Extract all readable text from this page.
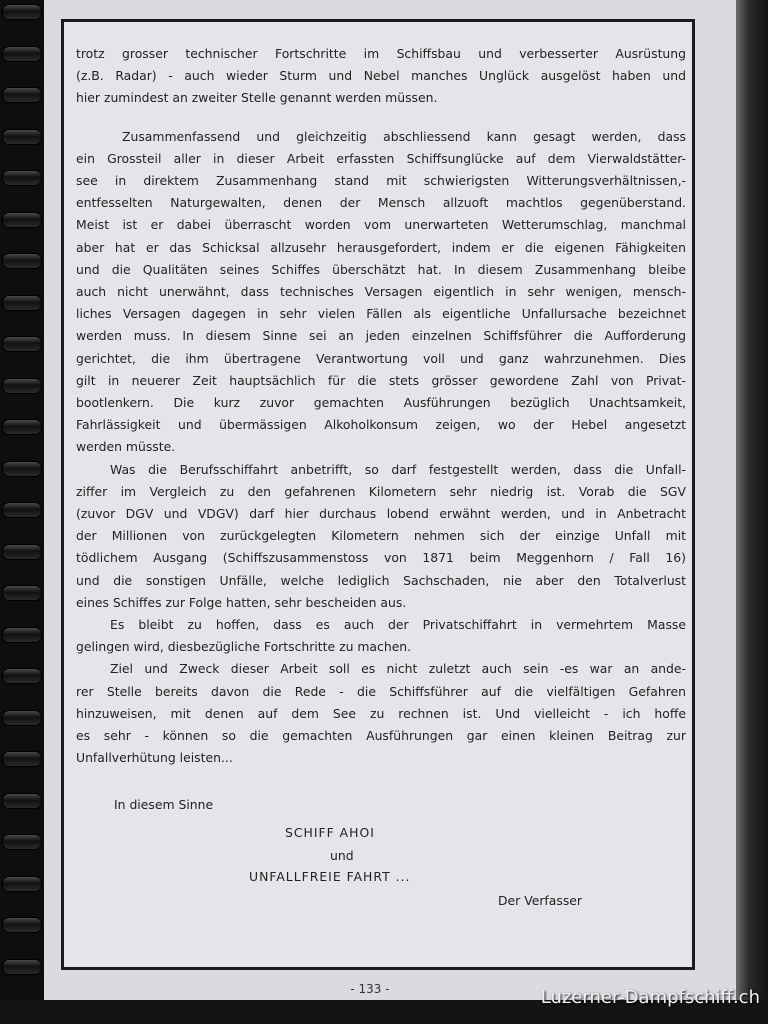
trotz grosser technischer Fortschritte im Schiffsbau und verbesserter Ausrüstung

(z.B. Radar) - auch wieder Sturm und Nebel manches Unglück ausgelöst haben und

hier zumindest an zweiter Stelle genannt werden müssen.

Zusammenfassend und gleichzeitig abschliessend kann gesagt werden, dass

ein Grossteil aller in dieser Arbeit erfassten Schiffsunglücke auf dem Vierwaldstätter-

see in direktem Zusammenhang stand mit schwierigsten Witterungsverhältnissen,-

entfesselten Naturgewalten, denen der Mensch allzuoft machtlos gegenüberstand.

Meist ist er dabei überrascht worden vom unerwarteten Wetterumschlag, manchmal

aber hat er das Schicksal allzusehr herausgefordert, indem er die eigenen Fähigkeiten

und die Qualitäten seines Schiffes überschätzt hat. In diesem Zusammenhang bleibe

auch nicht unerwähnt, dass technisches Versagen eigentlich in sehr wenigen, mensch-

liches Versagen dagegen in sehr vielen Fällen als eigentliche Unfallursache bezeichnet

werden muss. In diesem Sinne sei an jeden einzelnen Schiffsführer die Aufforderung

gerichtet, die ihm übertragene Verantwortung voll und ganz wahrzunehmen. Dies

gilt in neuerer Zeit hauptsächlich für die stets grösser gewordene Zahl von Privat-

bootlenkern. Die kurz zuvor gemachten Ausführungen bezüglich Unachtsamkeit,

Fahrlässigkeit und übermässigen Alkoholkonsum zeigen, wo der Hebel angesetzt

werden müsste.

Was die Berufsschiffahrt anbetrifft, so darf festgestellt werden, dass die Unfall-

ziffer im Vergleich zu den gefahrenen Kilometern sehr niedrig ist. Vorab die SGV

(zuvor DGV und VDGV) darf hier durchaus lobend erwähnt werden, und in Anbetracht

der Millionen von zurückgelegten Kilometern nehmen sich der einzige Unfall mit

tödlichem Ausgang (Schiffszusammenstoss von 1871 beim Meggenhorn / Fall 16)

und die sonstigen Unfälle, welche lediglich Sachschaden, nie aber den Totalverlust

eines Schiffes zur Folge hatten, sehr bescheiden aus.

Es bleibt zu hoffen, dass es auch der Privatschiffahrt in vermehrtem Masse

gelingen wird, diesbezügliche Fortschritte zu machen.

Ziel und Zweck dieser Arbeit soll es nicht zuletzt auch sein -es war an ande-

rer Stelle bereits davon die Rede - die Schiffsführer auf die vielfältigen Gefahren

hinzuweisen, mit denen auf dem See zu rechnen ist. Und vielleicht - ich hoffe

es sehr - können so die gemachten Ausführungen gar einen kleinen Beitrag zur

Unfallverhütung leisten...

In diesem Sinne
SCHIFF AHOI
und
UNFALLFREIE FAHRT ...
Der Verfasser
- 133 -	Luzerner-Dampfschiff.ch
